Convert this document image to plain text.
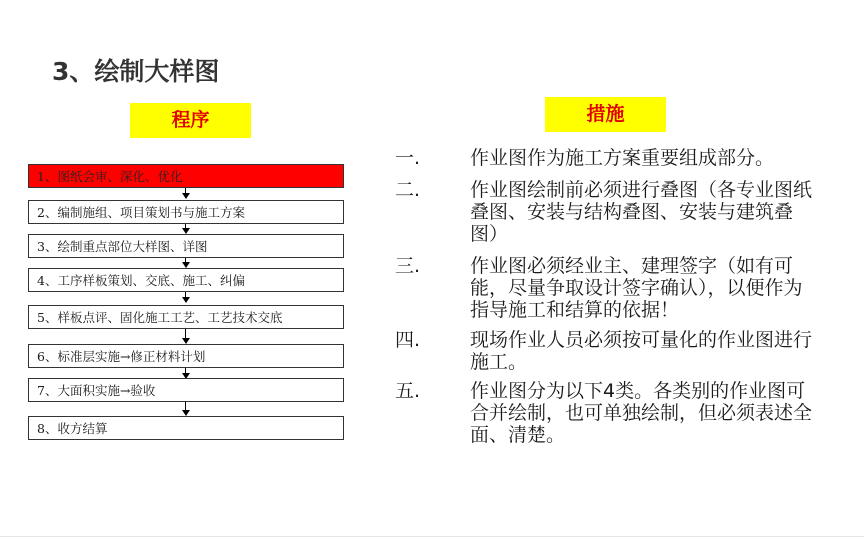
3、绘制大样图
程序	措施
1、图纸会审、深化、优化
2、编制施组、项目策划书与施工方案
3、绘制重点部位大样图、详图
4、工序样板策划、交底、施工、纠偏
5、样板点评、固化施工工艺、工艺技术交底
6、标准层实施→修正材料计划
7、大面积实施→验收
8、收方结算
一.	作业图作为施工方案重要组成部分。
二.	作业图绘制前必须进行叠图（各专业图纸叠图、安装与结构叠图、安装与建筑叠图）
三.	作业图必须经业主、建理签字（如有可能，尽量争取设计签字确认），以便作为指导施工和结算的依据！
四.	现场作业人员必须按可量化的作业图进行施工。
五.	作业图分为以下4类。各类别的作业图可合并绘制，也可单独绘制，但必须表述全面、清楚。
